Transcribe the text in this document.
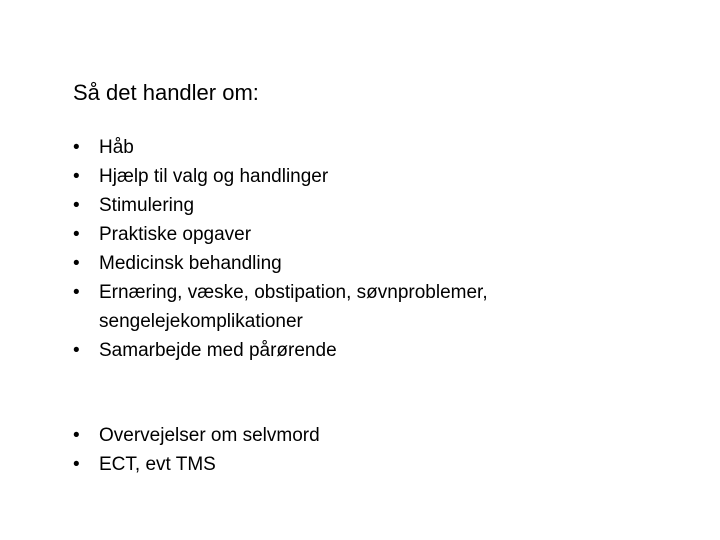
Så det handler om:
•	Håb
•	Hjælp til valg og handlinger
•	Stimulering
•	Praktiske opgaver
•	Medicinsk behandling
•	Ernæring, væske, obstipation, søvnproblemer,
sengelejekomplikationer
•	Samarbejde med pårørende
•	Overvejelser om selvmord
•	ECT, evt TMS
